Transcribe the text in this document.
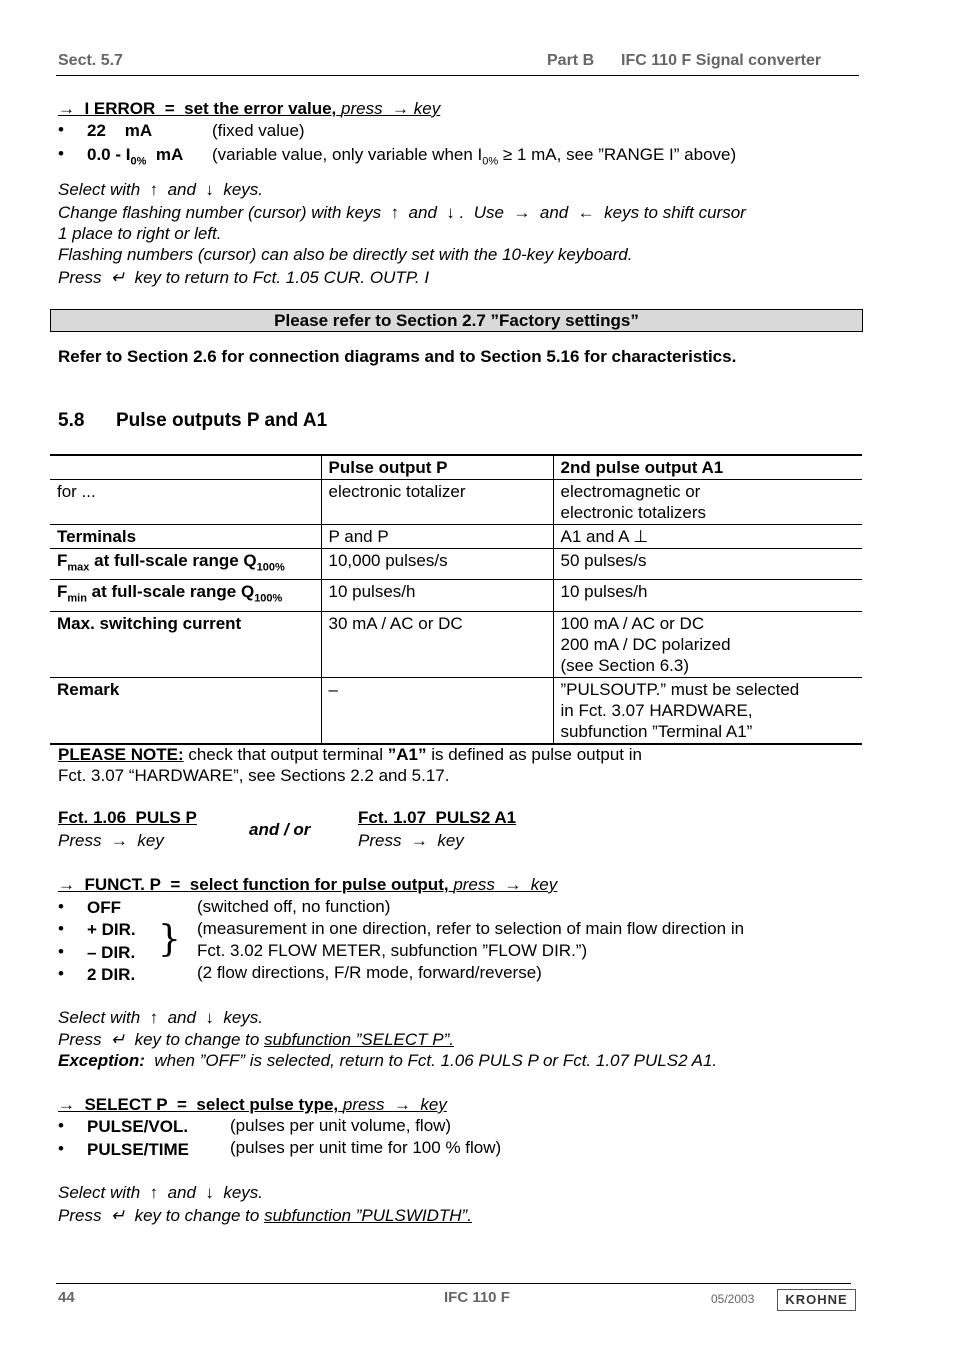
Sect. 5.7	Part B IFC 110 F Signal converter
→ I ERROR = set the error value, press → key
• 22    mA	(fixed value)
• $0.0 - I_{0\%}$ mA (variable value, only variable when $I_{0\%} \ge 1$ mA, see ”RANGE I” above)
Select with  ↑  and  ↓  keys.
Change flashing number (cursor) with keys  ↑  and  ↓ .  Use  →  and  ←  keys to shift cursor
1 place to right or left.
Flashing numbers (cursor) can also be directly set with the 10-key keyboard.
Press  ↵  key to return to Fct. 1.05 CUR. OUTP. I
Please refer to Section 2.7 ”Factory settings”
Refer to Section 2.6 for connection diagrams and to Section 5.16 for characteristics.
5.8 Pulse outputs P and A1
	Pulse output P	2nd pulse output A1
for ...	electronic totalizer	electromagnetic or
electronic totalizers

Terminals	P and P	A1 and A ⊥
$F_{max}$ at full-scale range $Q_{100\%}$	10,000 pulses/s	50 pulses/s
$F_{min}$ at full-scale range $Q_{100\%}$	10 pulses/h	10 pulses/h
Max. switching current	30 mA / AC or DC	100 mA / AC or DC
200 mA / DC polarized
(see Section 6.3)

Remark	–	”PULSOUTP.” must be selected
in Fct. 3.07 HARDWARE,
subfunction ”Terminal A1”
PLEASE NOTE: check that output terminal ”A1” is defined as pulse output in
Fct. 3.07 “HARDWARE”, see Sections 2.2 and 5.17.
Fct. 1.06  PULS P
Press  →  key
and / or
Fct. 1.07  PULS2 A1
Press  →  key
→ FUNCT. P = select function for pulse output, press → key
• OFF	(switched off, no function)
• + DIR.	(measurement in one direction, refer to selection of main flow direction in
• – DIR.	Fct. 3.02 FLOW METER, subfunction ”FLOW DIR.”)
}
• 2 DIR.	(2 flow directions, F/R mode, forward/reverse)
Select with  ↑  and  ↓  keys.
Press  ↵  key to change to subfunction ”SELECT P”.
Exception:  when ”OFF” is selected, return to Fct. 1.06 PULS P or Fct. 1.07 PULS2 A1.
→ SELECT P = select pulse type, press → key
• PULSE/VOL. (pulses per unit volume, flow)
• PULSE/TIME (pulses per unit time for 100 % flow)
Select with  ↑  and  ↓  keys.
Press  ↵  key to change to subfunction ”PULSWIDTH”.
44	IFC 110 F	05/2003	KROHNE
